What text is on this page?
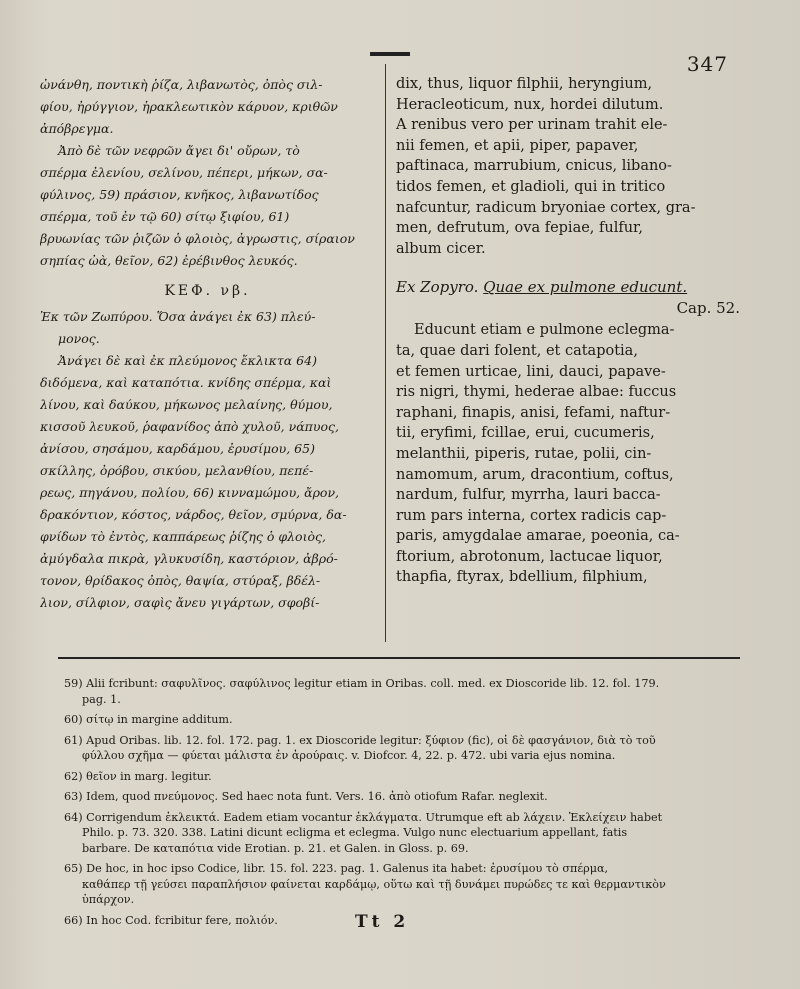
347
ὠνάνθη, ποντικὴ ῥίζα, λιβανωτὸς, ὀπὸς σιλ-
φίου, ἠρύγγιον, ἡρακλεωτικὸν κάρυον, κριθῶν
ἀπόβρεγμα.
Ἀπὸ δὲ τῶν νεφρῶν ἄγει δι' οὔρων, τὸ
σπέρμα ἐλενίου, σελίνου, πέπερι, μήκων, σα-
φύλινος, 59) πράσιον, κνῆκος, λιβανωτίδος
σπέρμα, τοῦ ἐν τῷ 60) σίτῳ ξιφίου, 61)
βρυωνίας τῶν ῥιζῶν ὁ φλοιὸς, ἀγρωστις, σίραιον
σηπίας ὠὰ, θεῖον, 62) ἐρέβινθος λευκός.
ΚΕΦ. νβ.
Ἐκ τῶν Ζωπύρου. Ὅσα ἀνάγει ἐκ 63) πλεύ-
μονος.
Ἀνάγει δὲ καὶ ἐκ πλεύμονος ἔκλικτα 64)
διδόμενα, καὶ καταπότια. κνίδης σπέρμα, καὶ
λίνου, καὶ δαύκου, μήκωνος μελαίνης, θύμου,
κισσοῦ λευκοῦ, ῥαφανίδος ἀπὸ χυλοῦ, νάπυος,
ἀνίσου, σησάμου, καρδάμου, ἐρυσίμου, 65)
σκίλλης, ὀρόβου, σικύου, μελανθίου, πεπέ-
ρεως, πηγάνου, πολίου, 66) κινναμώμου, ἄρον,
δρακόντιον, κόστος, νάρδος, θεῖον, σμύρνα, δα-
φνίδων τὸ ἐντὸς, καππάρεως ῥίζης ὁ φλοιὸς,
ἀμύγδαλα πικρὰ, γλυκυσίδη, καστόριον, ἀβρό-
τονον, θρίδακος ὀπὸς, θαψία, στύραξ, βδέλ-
λιον, σίλφιον, σαφὶς ἄνευ γιγάρτων, σφοβί-
dix, thus, liquor filphii, heryngium,
Heracleoticum, nux, hordei dilutum.
A renibus vero per urinam trahit ele-
nii femen, et apii, piper, papaver,
paftinaca, marrubium, cnicus, libano-
tidos femen, et gladioli, qui in tritico
nafcuntur, radicum bryoniae cortex, gra-
men, defrutum, ova fepiae, fulfur,
album cicer.
Ex Zopyro. Quae ex pulmone educunt.
Cap. 52.
Educunt etiam e pulmone eclegma-
ta, quae dari folent, et catapotia,
et femen urticae, lini, dauci, papave-
ris nigri, thymi, hederae albae: fuccus
raphani, finapis, anisi, fefami, naftur-
tii, eryfimi, fcillae, erui, cucumeris,
melanthii, piperis, rutae, polii, cin-
namomum, arum, dracontium, coftus,
nardum, fulfur, myrrha, lauri bacca-
rum pars interna, cortex radicis cap-
paris, amygdalae amarae, poeonia, ca-
ftorium, abrotonum, lactucae liquor,
thapfia, ftyrax, bdellium, filphium,
59) Alii fcribunt: σαφυλῖνος. σαφύλινος legitur etiam in Oribas. coll. med. ex Dioscoride lib. 12. fol. 179.
pag. 1.
60) σίτῳ in margine additum.
61) Apud Oribas. lib. 12. fol. 172. pag. 1. ex Dioscoride legitur: ξύφιον (fic), οἱ δὲ φασγάνιον, διὰ τὸ τοῦ
φύλλου σχῆμα — φύεται μάλιστα ἐν ἀρούραις. v. Diofcor. 4, 22. p. 472. ubi varia ejus nomina.
62) θεῖον in marg. legitur.
63) Idem, quod πνεύμονος. Sed haec nota funt. Vers. 16. ἀπὸ otiofum Rafar. neglexit.
64) Corrigendum ἐκλεικτά. Eadem etiam vocantur ἐκλάγματα. Utrumque eft ab λάχειν. Ἐκλείχειν habet
Philo. p. 73. 320. 338. Latini dicunt ecligma et eclegma. Vulgo nunc electuarium appellant, fatis
barbare. De καταπότια vide Erotian. p. 21. et Galen. in Gloss. p. 69.
65) De hoc, in hoc ipso Codice, libr. 15. fol. 223. pag. 1. Galenus ita habet: ἐρυσίμου τὸ σπέρμα,
καθάπερ τῇ γεύσει παραπλήσιον φαίνεται καρδάμῳ, οὕτω καὶ τῇ δυνάμει πυρώδες τε καὶ θερμαντικὸν
ὑπάρχον.
66) In hoc Cod. fcribitur fere, πολιόν.	Tt 2
